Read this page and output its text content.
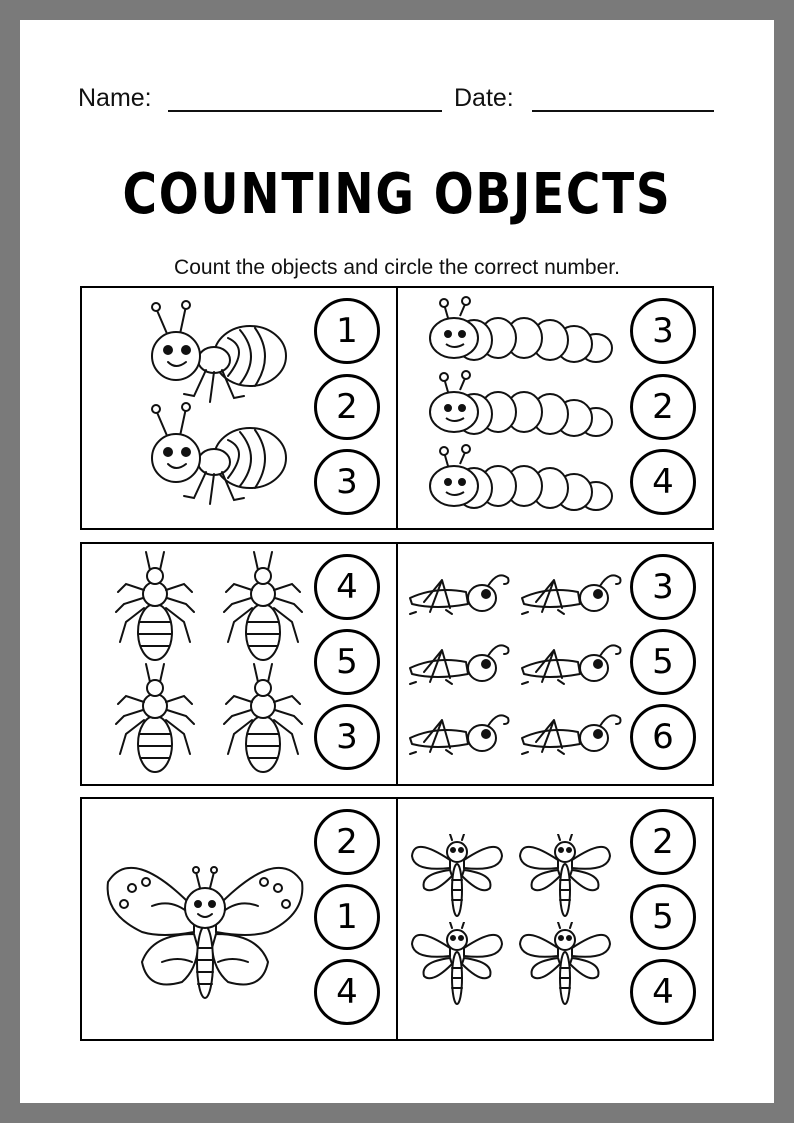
Name:	Date:
COUNTING OBJECTS
Count the objects and circle the correct number.
1
2
3
3
2
4
4
5
3
3
5
6
2
1
4
2
5
4
